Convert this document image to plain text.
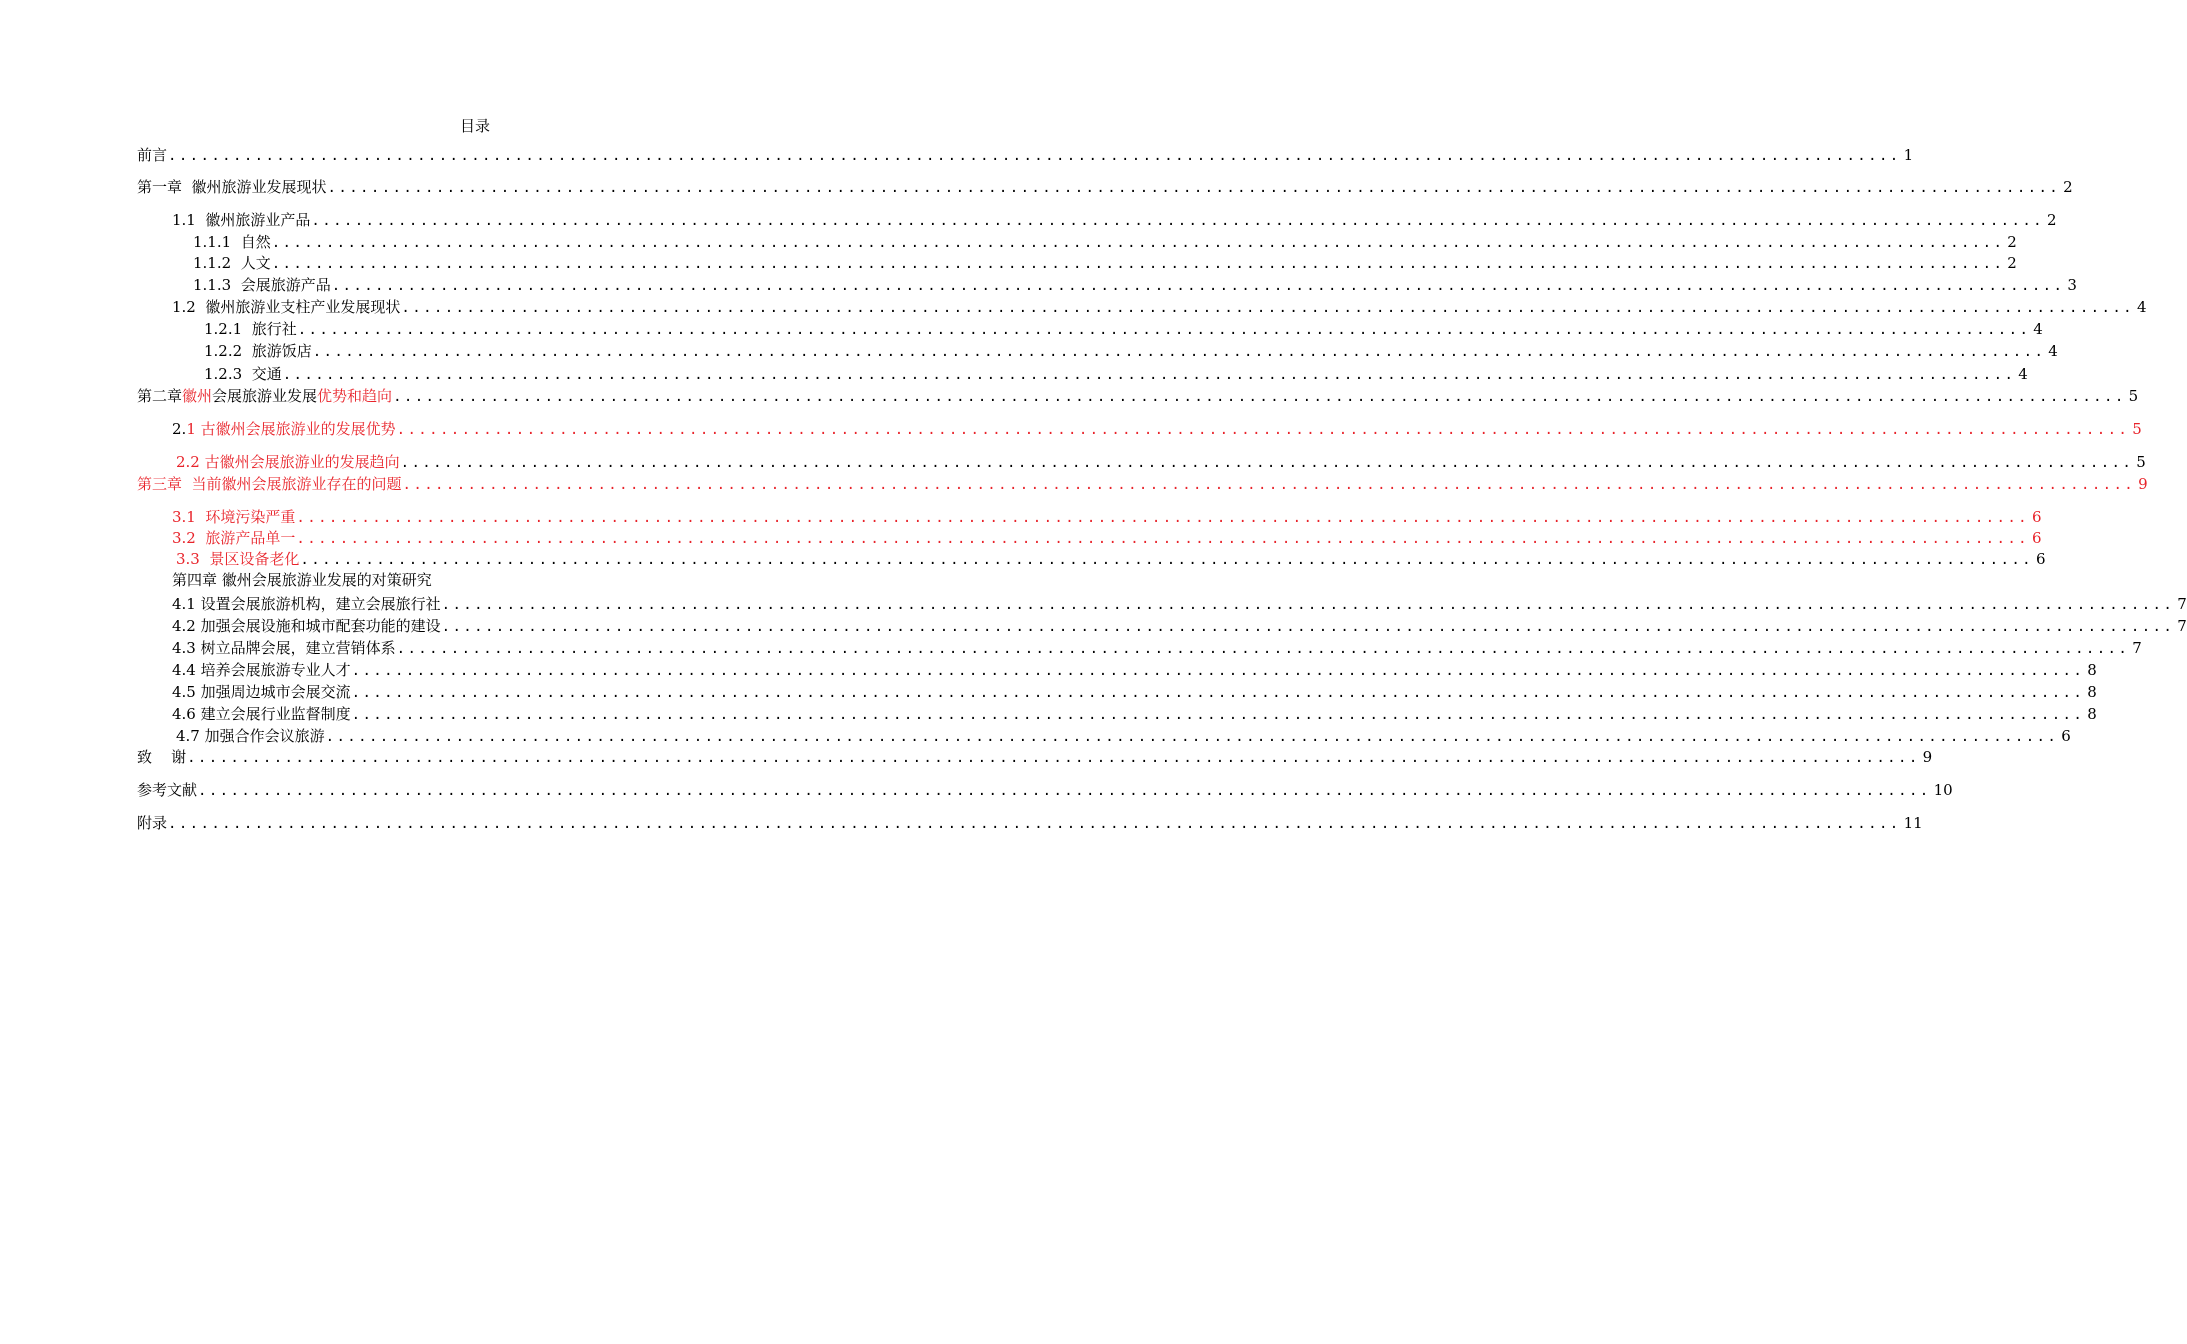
目录
前言 ................................................................................................................................................................ 1
第一章  徽州旅游业发展现状 ................................................................................................................................................................ 2
1.1  徽州旅游业产品 ................................................................................................................................................................ 2
1.1.1  自然 ................................................................................................................................................................ 2
1.1.2  人文 ................................................................................................................................................................ 2
1.1.3  会展旅游产品 ................................................................................................................................................................ 3
1.2  徽州旅游业支柱产业发展现状 ................................................................................................................................................................ 4
1.2.1  旅行社 ................................................................................................................................................................ 4
1.2.2  旅游饭店 ................................................................................................................................................................ 4
1.2.3  交通 ................................................................................................................................................................ 4
第二章徽州会展旅游业发展优势和趋向 ................................................................................................................................................................ 5
2.1 古徽州会展旅游业的发展优势 ................................................................................................................................................................ 5
2.2 古徽州会展旅游业的发展趋向 ................................................................................................................................................................ 5
第三章  当前徽州会展旅游业存在的问题 ................................................................................................................................................................ 9
3.1  环境污染严重 ................................................................................................................................................................ 6
3.2  旅游产品单一 ................................................................................................................................................................ 6
3.3  景区设备老化 ................................................................................................................................................................ 6
第四章 徽州会展旅游业发展的对策研究
4.1 设置会展旅游机构，建立会展旅行社 ................................................................................................................................................................ 7
4.2 加强会展设施和城市配套功能的建设 ................................................................................................................................................................ 7
4.3 树立品牌会展，建立营销体系 ................................................................................................................................................................ 7
4.4 培养会展旅游专业人才 ................................................................................................................................................................ 8
4.5 加强周边城市会展交流 ................................................................................................................................................................ 8
4.6 建立会展行业监督制度 ................................................................................................................................................................ 8
4.7 加强合作会议旅游 ................................................................................................................................................................ 6
致    谢 ................................................................................................................................................................ 9
参考文献 ................................................................................................................................................................ 10
附录 ................................................................................................................................................................ 11
